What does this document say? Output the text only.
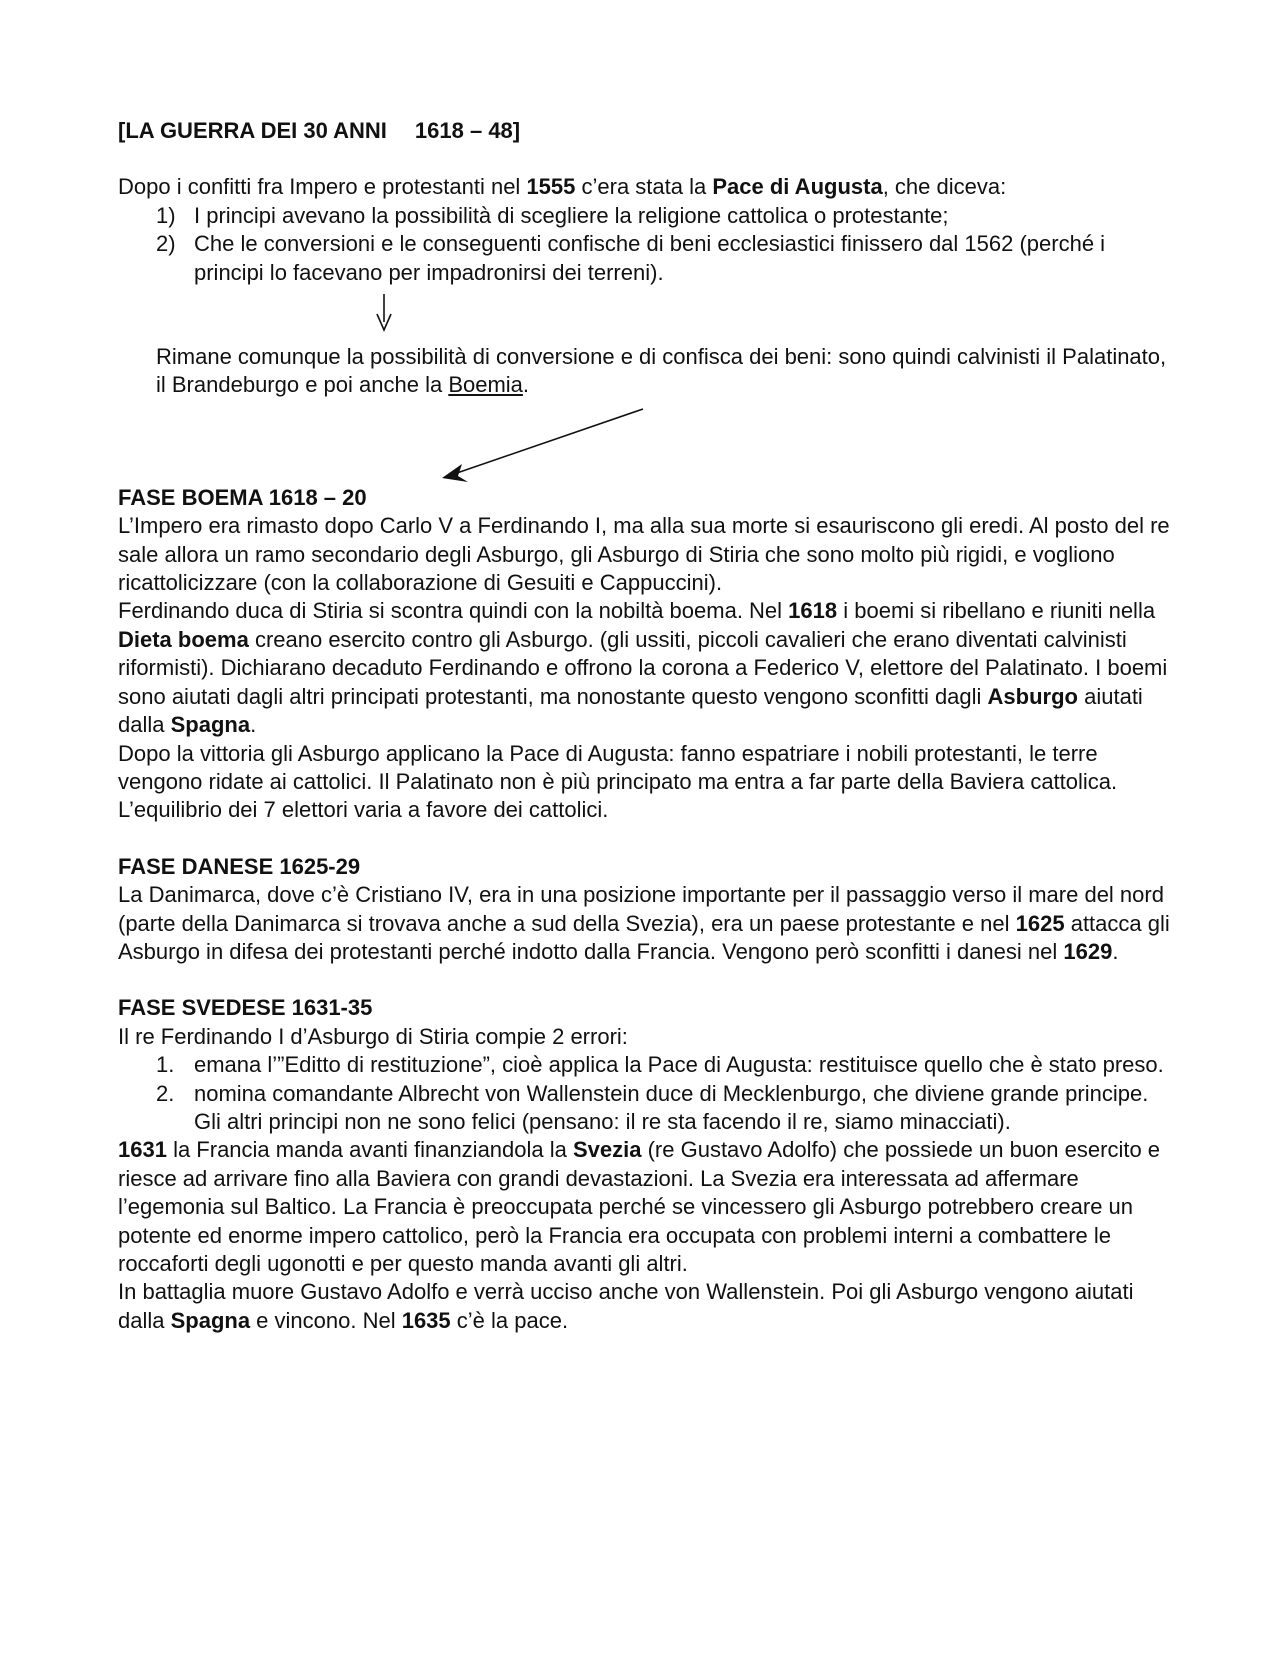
[LA GUERRA DEI 30 ANNI 1618 – 48]

Dopo i confitti fra Impero e protestanti nel 1555 c’era stata la Pace di Augusta, che diceva:

1) I principi avevano la possibilità di scegliere la religione cattolica o protestante;
2) Che le conversioni e le conseguenti confische di beni ecclesiastici finissero dal 1562 (perché i principi lo facevano per impadronirsi dei terreni).

Rimane comunque la possibilità di conversione e di confisca dei beni: sono quindi calvinisti il Palatinato, il Brandeburgo e poi anche la Boemia.

FASE BOEMA 1618 – 20

L’Impero era rimasto dopo Carlo V a Ferdinando I, ma alla sua morte si esauriscono gli eredi. Al posto del re sale allora un ramo secondario degli Asburgo, gli Asburgo di Stiria che sono molto più rigidi, e vogliono ricattolicizzare (con la collaborazione di Gesuiti e Cappuccini).

Ferdinando duca di Stiria si scontra quindi con la nobiltà boema. Nel 1618 i boemi si ribellano e riuniti nella Dieta boema creano esercito contro gli Asburgo. (gli ussiti, piccoli cavalieri che erano diventati calvinisti riformisti). Dichiarano decaduto Ferdinando e offrono la corona a Federico V, elettore del Palatinato. I boemi sono aiutati dagli altri principati protestanti, ma nonostante questo vengono sconfitti dagli Asburgo aiutati dalla Spagna.

Dopo la vittoria gli Asburgo applicano la Pace di Augusta: fanno espatriare i nobili protestanti, le terre vengono ridate ai cattolici. Il Palatinato non è più principato ma entra a far parte della Baviera cattolica. L’equilibrio dei 7 elettori varia a favore dei cattolici.

FASE DANESE 1625-29

La Danimarca, dove c’è Cristiano IV, era in una posizione importante per il passaggio verso il mare del nord (parte della Danimarca si trovava anche a sud della Svezia), era un paese protestante e nel 1625 attacca gli Asburgo in difesa dei protestanti perché indotto dalla Francia. Vengono però sconfitti i danesi nel 1629.

FASE SVEDESE 1631-35

Il re Ferdinando I d’Asburgo di Stiria compie 2 errori:

1. emana l’”Editto di restituzione”, cioè applica la Pace di Augusta: restituisce quello che è stato preso.
2. nomina comandante Albrecht von Wallenstein duce di Mecklenburgo, che diviene grande principe. Gli altri principi non ne sono felici (pensano: il re sta facendo il re, siamo minacciati).

1631 la Francia manda avanti finanziandola la Svezia (re Gustavo Adolfo) che possiede un buon esercito e riesce ad arrivare fino alla Baviera con grandi devastazioni. La Svezia era interessata ad affermare l’egemonia sul Baltico. La Francia è preoccupata perché se vincessero gli Asburgo potrebbero creare un potente ed enorme impero cattolico, però la Francia era occupata con problemi interni a combattere le roccaforti degli ugonotti e per questo manda avanti gli altri.

In battaglia muore Gustavo Adolfo e verrà ucciso anche von Wallenstein. Poi gli Asburgo vengono aiutati dalla Spagna e vincono. Nel 1635 c’è la pace.
